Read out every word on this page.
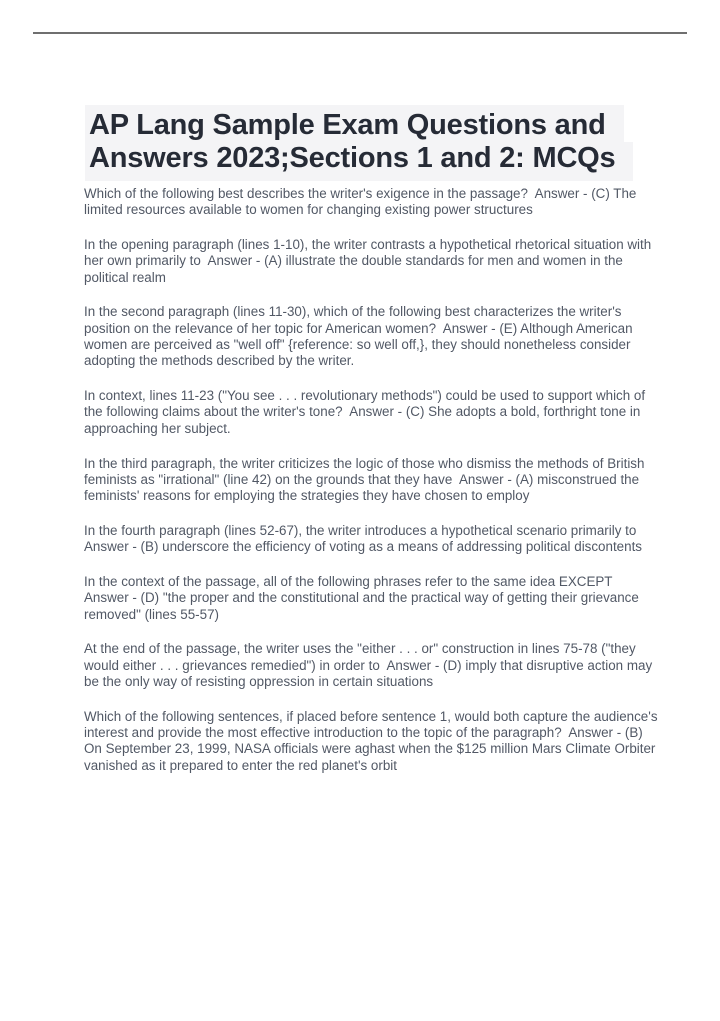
AP Lang Sample Exam Questions and
Answers 2023;Sections 1 and 2: MCQs

Which of the following best describes the writer's exigence in the passage?  Answer - (C) The limited resources available to women for changing existing power structures

In the opening paragraph (lines 1-10), the writer contrasts a hypothetical rhetorical situation with her own primarily to  Answer - (A) illustrate the double standards for men and women in the political realm

In the second paragraph (lines 11-30), which of the following best characterizes the writer's position on the relevance of her topic for American women?  Answer - (E) Although American women are perceived as "well off" {reference: so well off,}, they should nonetheless consider adopting the methods described by the writer.

In context, lines 11-23 ("You see . . . revolutionary methods") could be used to support which of the following claims about the writer's tone?  Answer - (C) She adopts a bold, forthright tone in approaching her subject.

In the third paragraph, the writer criticizes the logic of those who dismiss the methods of British feminists as "irrational" (line 42) on the grounds that they have  Answer - (A) misconstrued the feminists' reasons for employing the strategies they have chosen to employ

In the fourth paragraph (lines 52-67), the writer introduces a hypothetical scenario primarily to  Answer - (B) underscore the efficiency of voting as a means of addressing political discontents

In the context of the passage, all of the following phrases refer to the same idea EXCEPT  Answer - (D) "the proper and the constitutional and the practical way of getting their grievance removed" (lines 55-57)

At the end of the passage, the writer uses the "either . . . or" construction in lines 75-78 ("they would either . . . grievances remedied") in order to  Answer - (D) imply that disruptive action may be the only way of resisting oppression in certain situations

Which of the following sentences, if placed before sentence 1, would both capture the audience's interest and provide the most effective introduction to the topic of the paragraph?  Answer - (B) On September 23, 1999, NASA officials were aghast when the $125 million Mars Climate Orbiter vanished as it prepared to enter the red planet's orbit
